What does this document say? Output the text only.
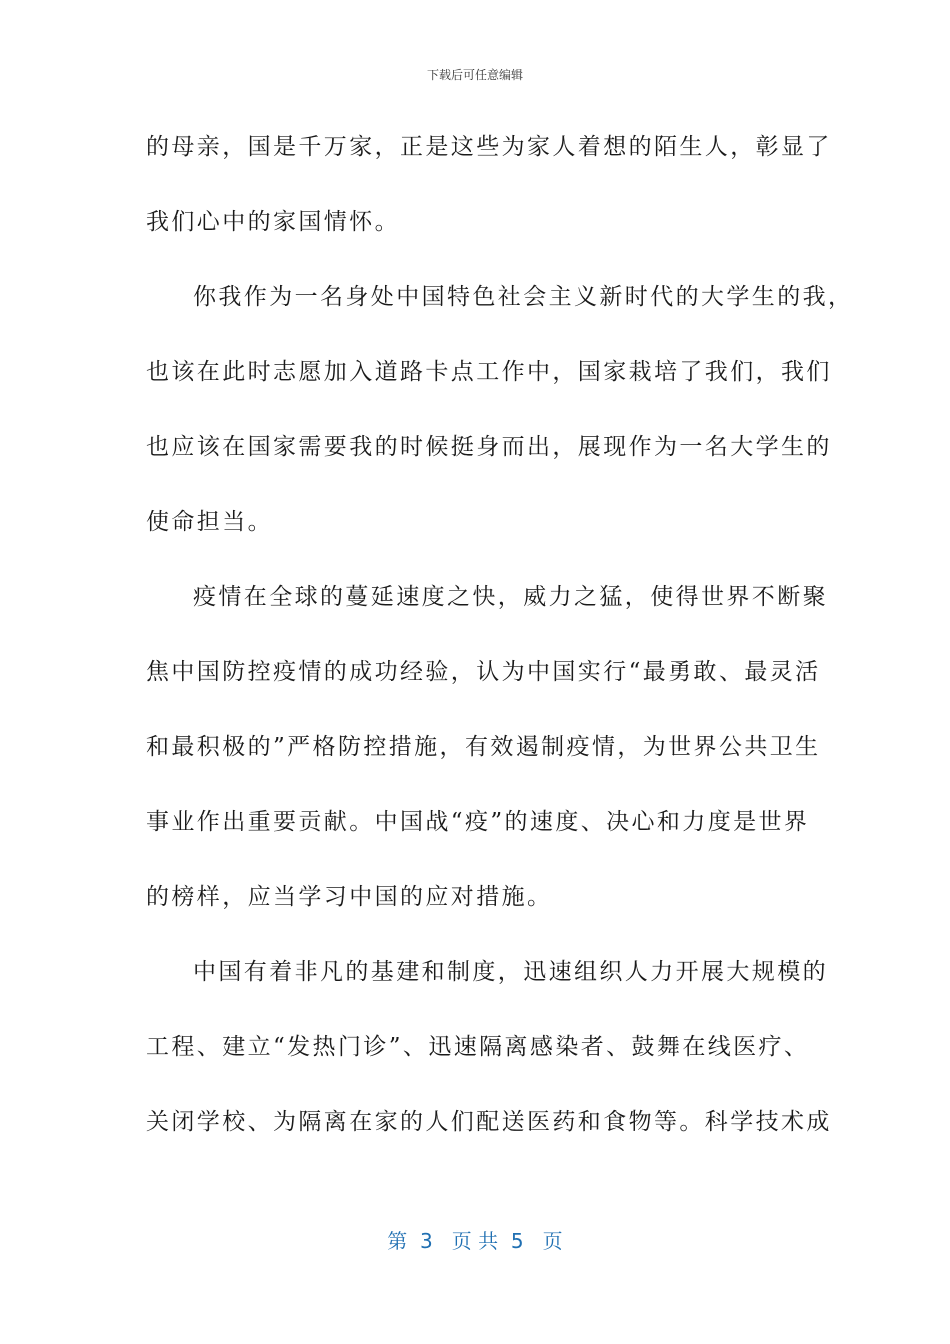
下载后可任意编辑
的母亲，国是千万家，正是这些为家人着想的陌生人，彰显了
我们心中的家国情怀。
你我作为一名身处中国特色社会主义新时代的大学生的我，
也该在此时志愿加入道路卡点工作中，国家栽培了我们，我们
也应该在国家需要我的时候挺身而出，展现作为一名大学生的
使命担当。
疫情在全球的蔓延速度之快，威力之猛，使得世界不断聚
焦中国防控疫情的成功经验，认为中国实行“最勇敢、最灵活
和最积极的”严格防控措施，有效遏制疫情，为世界公共卫生
事业作出重要贡献。中国战“疫”的速度、决心和力度是世界
的榜样，应当学习中国的应对措施。
中国有着非凡的基建和制度，迅速组织人力开展大规模的
工程、建立“发热门诊”、迅速隔离感染者、鼓舞在线医疗、
关闭学校、为隔离在家的人们配送医药和食物等。科学技术成
第  3   页 共  5   页
